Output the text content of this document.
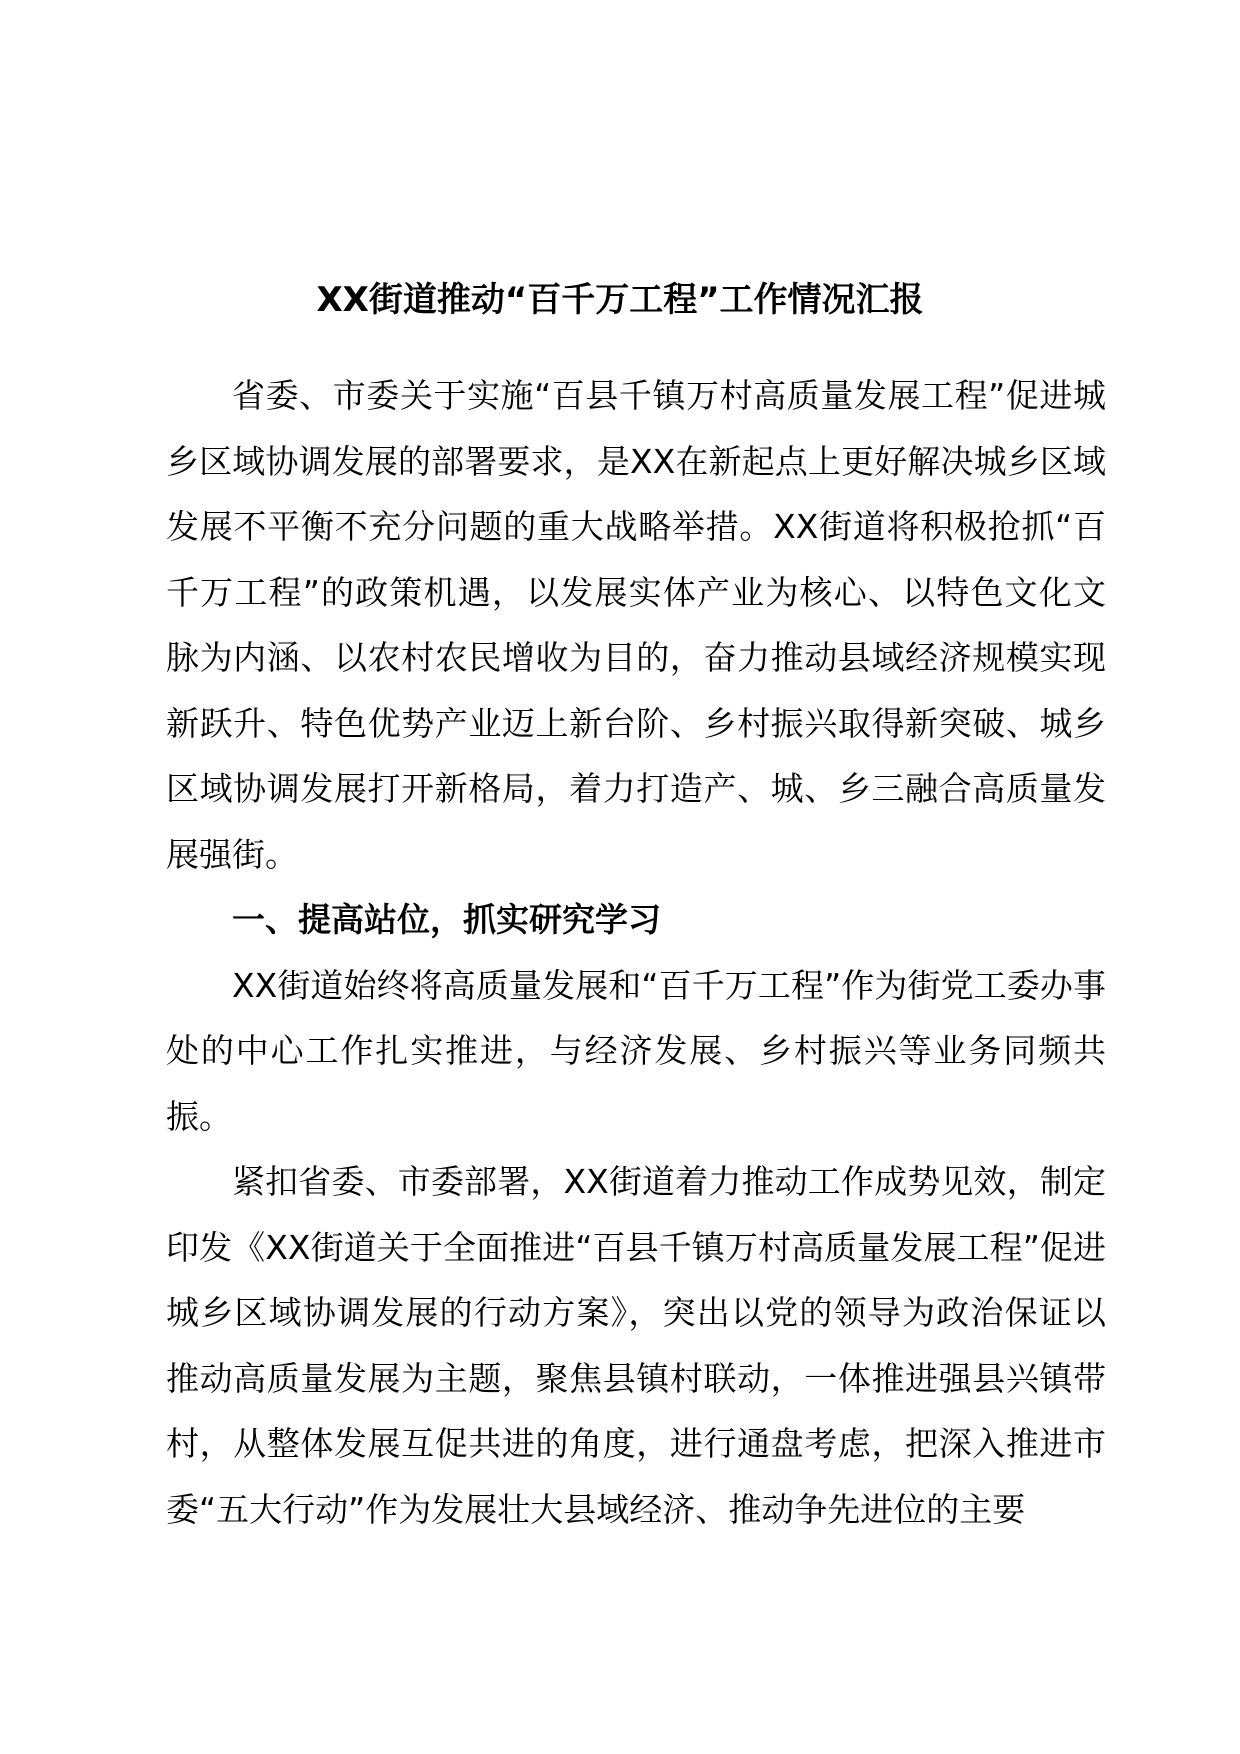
XX街道推动“百千万工程”工作情况汇报

省委、市委关于实施“百县千镇万村高质量发展工程”促进城乡区域协调发展的部署要求，是XX在新起点上更好解决城乡区域发展不平衡不充分问题的重大战略举措。XX街道将积极抢抓“百千万工程”的政策机遇，以发展实体产业为核心、以特色文化文脉为内涵、以农村农民增收为目的，奋力推动县域经济规模实现新跃升、特色优势产业迈上新台阶、乡村振兴取得新突破、城乡区域协调发展打开新格局，着力打造产、城、乡三融合高质量发展强街。

一、提高站位，抓实研究学习

XX街道始终将高质量发展和“百千万工程”作为街党工委办事处的中心工作扎实推进，与经济发展、乡村振兴等业务同频共振。

紧扣省委、市委部署，XX街道着力推动工作成势见效，制定印发《XX街道关于全面推进“百县千镇万村高质量发展工程”促进城乡区域协调发展的行动方案》，突出以党的领导为政治保证以推动高质量发展为主题，聚焦县镇村联动，一体推进强县兴镇带村，从整体发展互促共进的角度，进行通盘考虑，把深入推进市委“五大行动”作为发展壮大县域经济、推动争先进位的主要
